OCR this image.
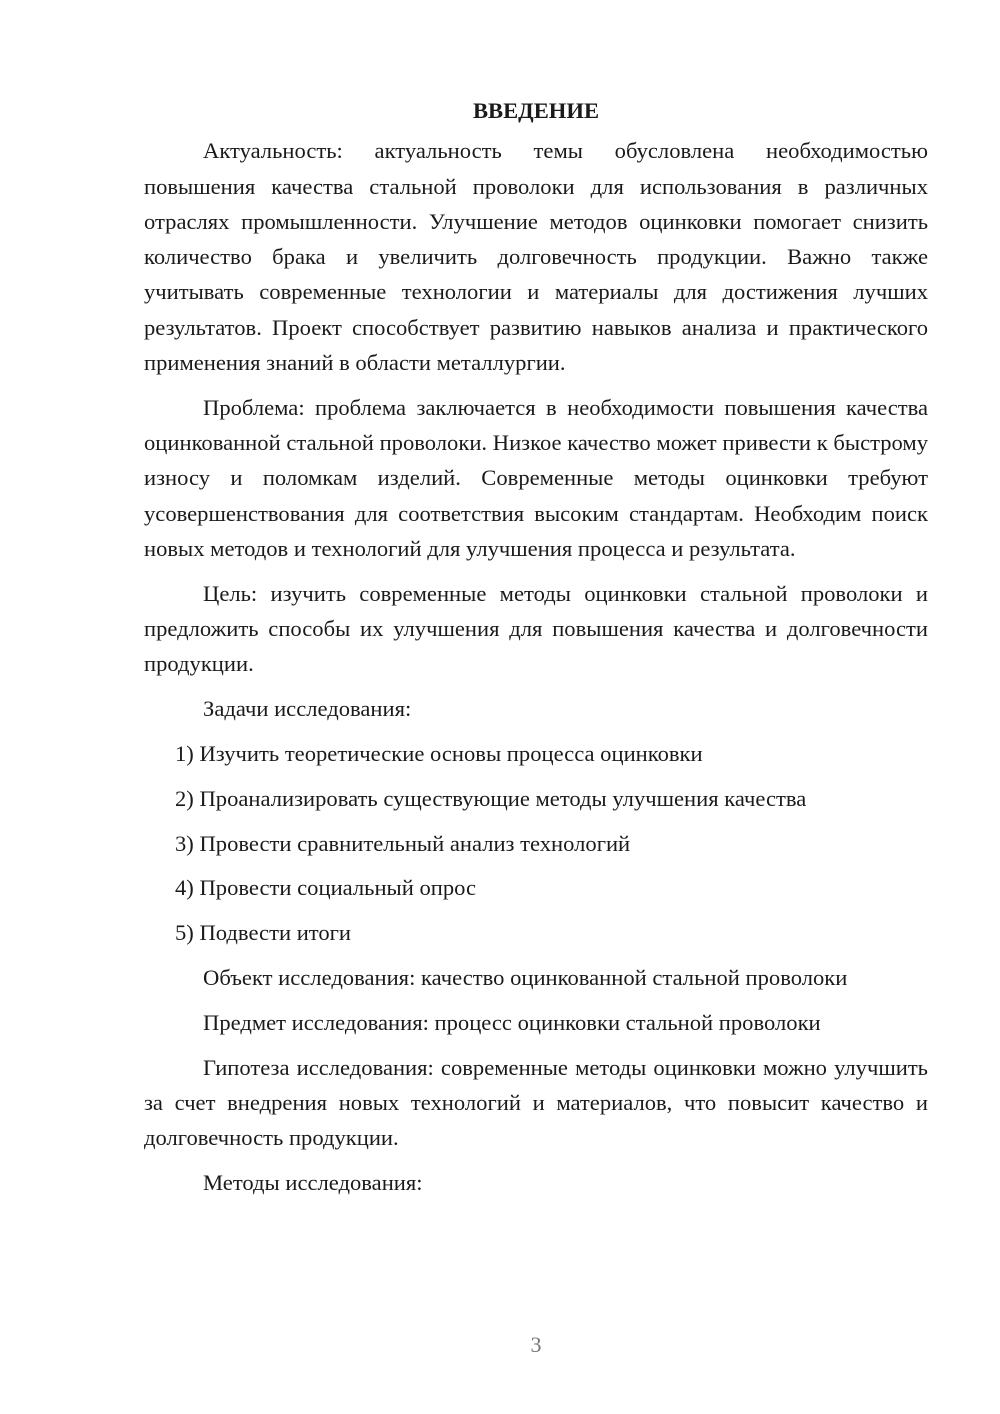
ВВЕДЕНИЕ

Актуальность: актуальность темы обусловлена необходимостью повышения качества стальной проволоки для использования в различных отраслях промышленности. Улучшение методов оцинковки помогает снизить количество брака и увеличить долговечность продукции. Важно также учитывать современные технологии и материалы для достижения лучших результатов. Проект способствует развитию навыков анализа и практического применения знаний в области металлургии.

Проблема: проблема заключается в необходимости повышения качества оцинкованной стальной проволоки. Низкое качество может привести к быстрому износу и поломкам изделий. Современные методы оцинковки требуют усовершенствования для соответствия высоким стандартам. Необходим поиск новых методов и технологий для улучшения процесса и результата.

Цель: изучить современные методы оцинковки стальной проволоки и предложить способы их улучшения для повышения качества и долговечности продукции.

Задачи исследования:

1) Изучить теоретические основы процесса оцинковки

2) Проанализировать существующие методы улучшения качества

3) Провести сравнительный анализ технологий

4) Провести социальный опрос

5) Подвести итоги

Объект исследования: качество оцинкованной стальной проволоки

Предмет исследования: процесс оцинковки стальной проволоки

Гипотеза исследования: современные методы оцинковки можно улучшить за счет внедрения новых технологий и материалов, что повысит качество и долговечность продукции.

Методы исследования:

3
